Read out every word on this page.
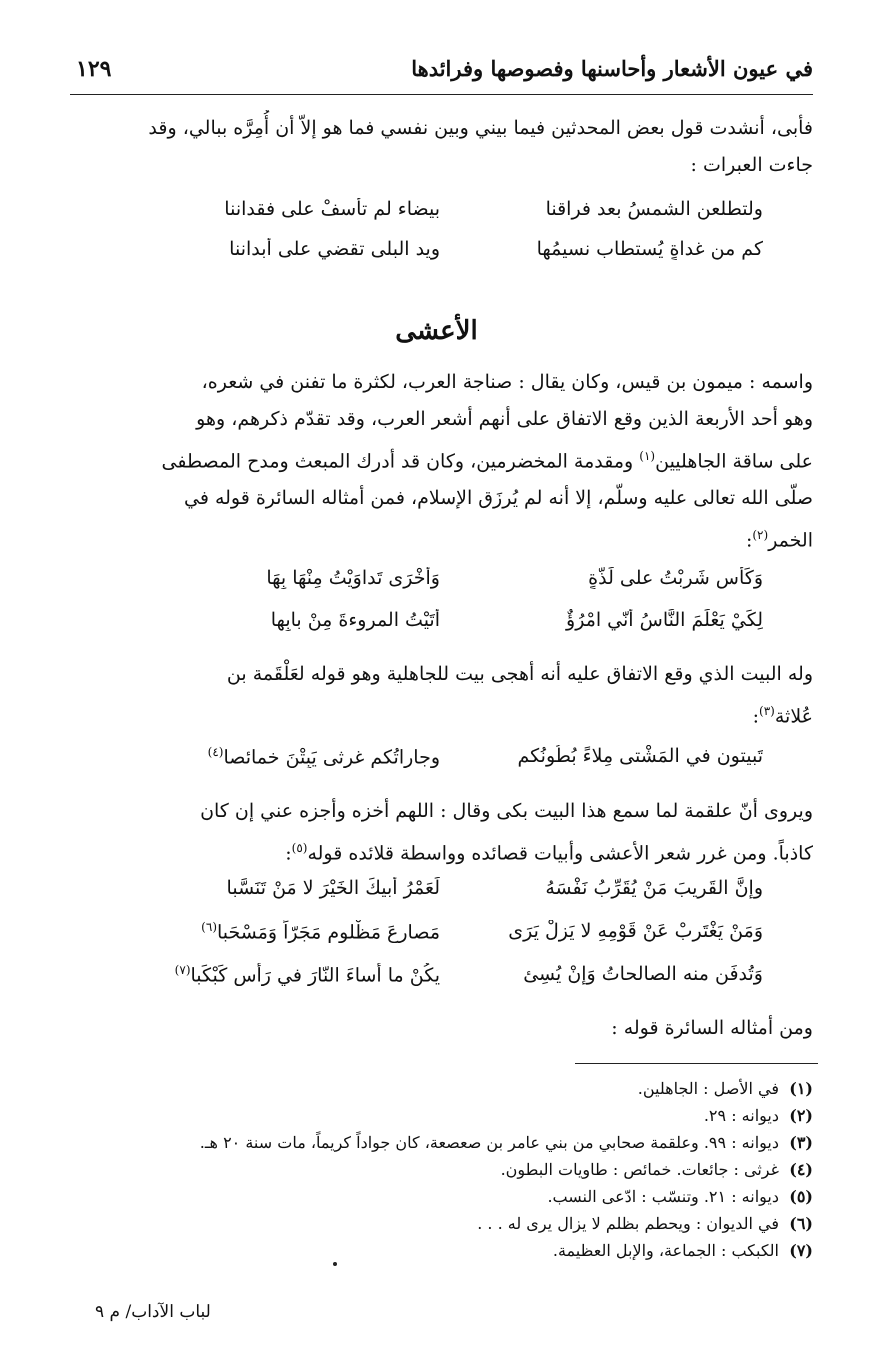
في عيون الأشعار وأحاسنها وفصوصها وفرائدها
١٢٩
فأبى، أنشدت قول بعض المحدثين فيما بيني وبين نفسي فما هو إلاّ أن أُمِرَّه ببالي، وقد
جاءت العبرات :
ولتطلعن الشمسُ بعد فراقنا
بيضاء لم تأسفْ على فقداننا
كم من غداةٍ يُستطاب نسيمُها
ويد البلى تقضي على أبداننا
الأعشى
واسمه : ميمون بن قيس، وكان يقال : صناجة العرب، لكثرة ما تفنن في شعره،
وهو أحد الأربعة الذين وقع الاتفاق على أنهم أشعر العرب، وقد تقدّم ذكرهم، وهو
على ساقة الجاهليين$^{(١)}$ ومقدمة المخضرمين، وكان قد أدرك المبعث ومدح المصطفى
صلّى الله تعالى عليه وسلّم، إلا أنه لم يُرزَق الإسلام، فمن أمثاله السائرة قوله في
الخمر$^{(٢)}$:
وَكَأْسٍ شَرِبْتُ على لَذَّةٍ
وَأُخْرَى تَداوَيْتُ مِنْهَا بِهَا
لِكَيْ يَعْلَمَ النَّاسُ أَنّي امْرُؤٌ
أَتَيْتُ المروءةَ مِنْ بابِها
وله البيت الذي وقع الاتفاق عليه أنه أهجى بيت للجاهلية وهو قوله لعَلْقَمة بن
عُلاثة$^{(٣)}$:
تَبيتون في المَشْتى مِلاءً بُطُونُكم
وجاراتُكم غرثى يَبِتْنَ خمائصا$^{(٤)}$
ويروى أنّ علقمة لما سمع هذا البيت بكى وقال : اللهم أخزه وأجزه عني إن كان
كاذباً. ومن غرر شعر الأعشى وأبيات قصائده وواسطة قلائده قوله$^{(٥)}$:
وإنَّ القَريبَ مَنْ يُقَرِّبُ نَفْسَهُ
لَعَمْرُ أَبيكَ الخَيْرَ لا مَنْ تَنَسَّبا
وَمَنْ يَغْتَرِبْ عَنْ قَوْمِهِ لا يَزلْ يَرَى
مَصارعَ مَظْلومٍ مَجَرّاً وَمَسْحَبا$^{(٦)}$
وَتُدفَن منه الصالحاتُ وَإنْ يُسِئ
يكُنْ ما أَساءَ النّارَ في رَأْسِ كَبْكَبا$^{(٧)}$
ومن أمثاله السائرة قوله :
(١)في الأصل : الجاهلين.
(٢)ديوانه : ٢٩.
(٣)ديوانه : ٩٩. وعلقمة صحابي من بني عامر بن صعصعة، كان جواداً كريماً، مات سنة ٢٠ هـ.
(٤)غرثى : جائعات. خمائص : طاويات البطون.
(٥)ديوانه : ٢١. وتنسّب : ادّعى النسب.
(٦)في الديوان : ويحطم بظلم لا يزال يرى له . . .
(٧)الكبكب : الجماعة، والإبل العظيمة.
لباب الآداب/ م ٩
